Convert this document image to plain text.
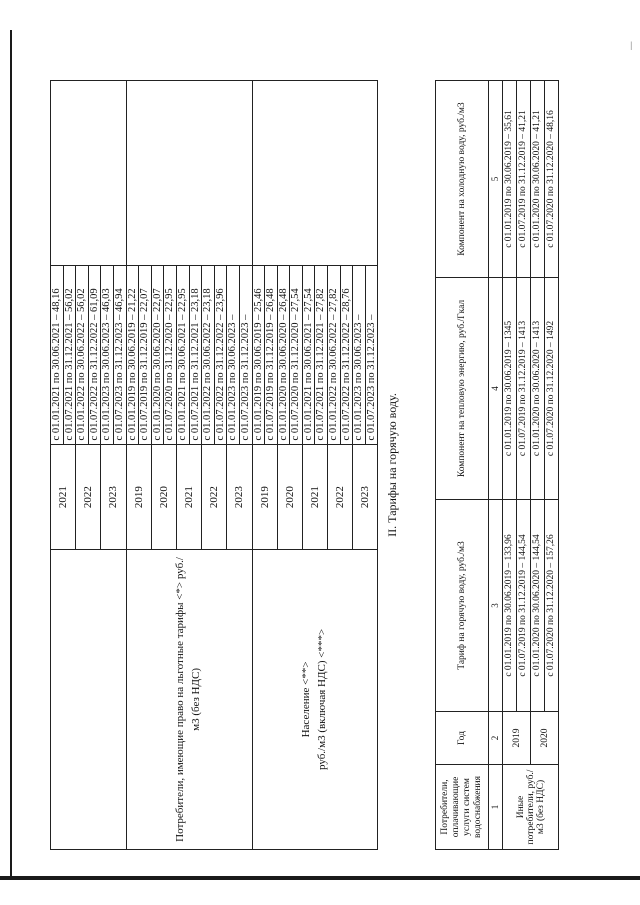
|
	2021	с 01.01.2021 по 30.06.2021 – 48,16	
		с 01.07.2021 по 31.12.2021 – 56,02	
	2022	с 01.01.2022 по 30.06.2022 – 56,02	
		с 01.07.2022 по 31.12.2022 – 61,09	
	2023	с 01.01.2023 по 30.06.2023 – 46,03	
		с 01.07.2023 по 31.12.2023 – 46,94	
Потребители, имеющие право на льготные тарифы <*> руб./м3 (без НДС)	2019	с 01.01.2019 по 30.06.2019 – 21,22	
		с 01.07.2019 по 31.12.2019 – 22,07	
	2020	с 01.01.2020 по 30.06.2020 – 22,07	
		с 01.07.2020 по 31.12.2020 – 22,95	
	2021	с 01.01.2021 по 30.06.2021 – 22,95	
		с 01.07.2021 по 31.12.2021 – 23,18	
	2022	с 01.01.2022 по 30.06.2022 – 23,18	
		с 01.07.2022 по 31.12.2022 – 23,96	
	2023	с 01.01.2023 по 30.06.2023 –	
		с 01.07.2023 по 31.12.2023 –	
Население <**> руб./м3 (включая НДС) <***>	2019	с 01.01.2019 по 30.06.2019 – 25,46	
		с 01.07.2019 по 31.12.2019 – 26,48	
	2020	с 01.01.2020 по 30.06.2020 – 26,48	
		с 01.07.2020 по 31.12.2020 – 27,54	
	2021	с 01.01.2021 по 30.06.2021 – 27,54	
		с 01.07.2021 по 31.12.2021 – 27,82	
	2022	с 01.01.2022 по 30.06.2022 – 27,82	
		с 01.07.2022 по 31.12.2022 – 28,76	
	2023	с 01.01.2023 по 30.06.2023 –	
		с 01.07.2023 по 31.12.2023 –	
II. Тарифы на горячую воду.
Потребители, оплачивающие услуги систем водоснабжения	Год	Тариф на горячую воду, руб./м3	Компонент на тепловую энергию, руб./Гкал	Компонент на холодную воду, руб./м3
1	2	3	4	5
Иные потребители, руб./м3 (без НДС)	2019	с 01.01.2019 по 30.06.2019 – 133,96	с 01.01.2019 по 30.06.2019 – 1345	с 01.01.2019 по 30.06.2019 – 35,61
		с 01.07.2019 по 31.12.2019 – 144,54	с 01.07.2019 по 31.12.2019 – 1413	с 01.07.2019 по 31.12.2019 – 41,21
	2020	с 01.01.2020 по 30.06.2020 – 144,54	с 01.01.2020 по 30.06.2020 – 1413	с 01.01.2020 по 30.06.2020 – 41,21
		с 01.07.2020 по 31.12.2020 – 157,26	с 01.07.2020 по 31.12.2020 – 1492	с 01.07.2020 по 31.12.2020 – 48,16
